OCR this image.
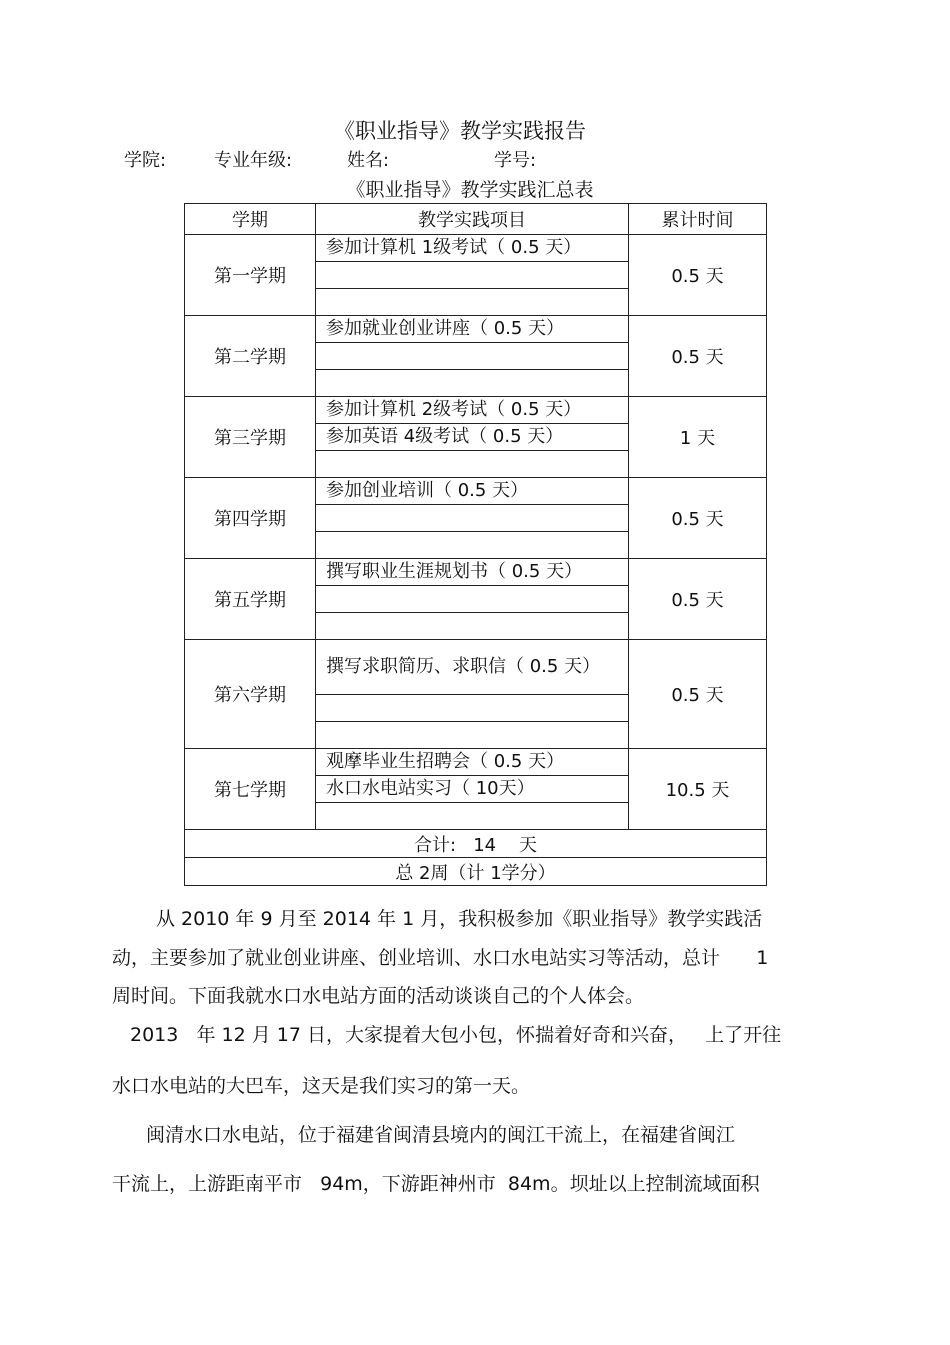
《职业指导》教学实践报告
学院:	专业年级:	姓名:	学号:
《职业指导》教学实践汇总表
学期	教学实践项目	累计时间
第一学期	参加计算机 1级考试（ 0.5 天）	0.5 天

第二学期	参加就业创业讲座（ 0.5 天）	0.5 天

第三学期	参加计算机 2级考试（ 0.5 天）	1 天
	参加英语 4级考试（ 0.5 天）	

第四学期	参加创业培训（ 0.5 天）	0.5 天

第五学期	撰写职业生涯规划书（ 0.5 天）	0.5 天

第六学期	撰写求职简历、求职信（ 0.5 天）	0.5 天

第七学期	观摩毕业生招聘会（ 0.5 天）	10.5 天
	水口水电站实习（ 10天）	

合计:   14    天		
总 2周（计 1学分）		
从 2010 年 9 月至 2014 年 1 月，我积极参加《职业指导》教学实践活
动，主要参加了就业创业讲座、创业培训、水口水电站实习等活动，总计      1
周时间。下面我就水口水电站方面的活动谈谈自己的个人体会。
2013   年 12 月 17 日，大家提着大包小包，怀揣着好奇和兴奋，   上了开往
水口水电站的大巴车，这天是我们实习的第一天。
闽清水口水电站，位于福建省闽清县境内的闽江干流上，在福建省闽江
干流上，上游距南平市   94m，下游距神州市  84m。坝址以上控制流域面积
